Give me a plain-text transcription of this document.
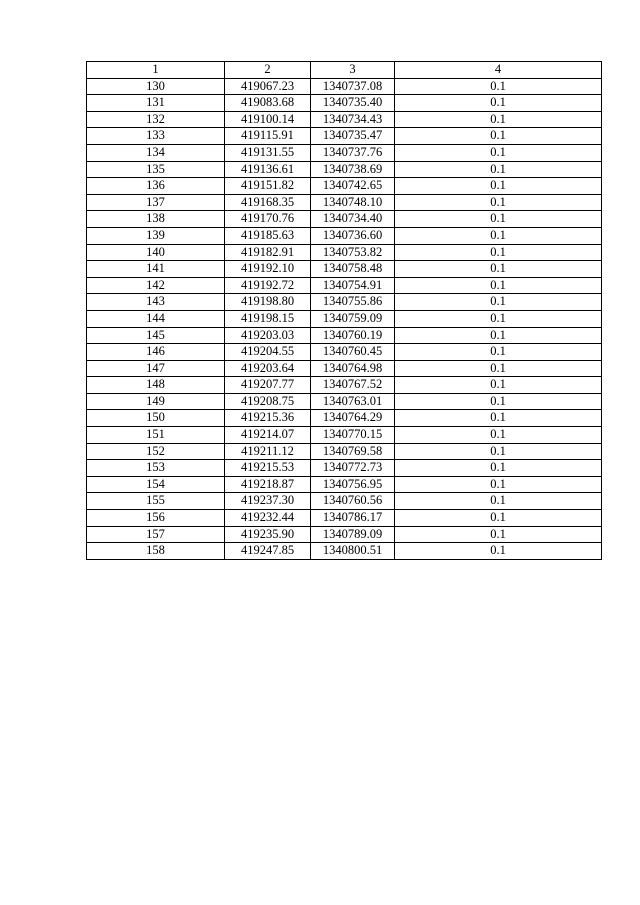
1	2	3	4
130	419067.23	1340737.08	0.1
131	419083.68	1340735.40	0.1
132	419100.14	1340734.43	0.1
133	419115.91	1340735.47	0.1
134	419131.55	1340737.76	0.1
135	419136.61	1340738.69	0.1
136	419151.82	1340742.65	0.1
137	419168.35	1340748.10	0.1
138	419170.76	1340734.40	0.1
139	419185.63	1340736.60	0.1
140	419182.91	1340753.82	0.1
141	419192.10	1340758.48	0.1
142	419192.72	1340754.91	0.1
143	419198.80	1340755.86	0.1
144	419198.15	1340759.09	0.1
145	419203.03	1340760.19	0.1
146	419204.55	1340760.45	0.1
147	419203.64	1340764.98	0.1
148	419207.77	1340767.52	0.1
149	419208.75	1340763.01	0.1
150	419215.36	1340764.29	0.1
151	419214.07	1340770.15	0.1
152	419211.12	1340769.58	0.1
153	419215.53	1340772.73	0.1
154	419218.87	1340756.95	0.1
155	419237.30	1340760.56	0.1
156	419232.44	1340786.17	0.1
157	419235.90	1340789.09	0.1
158	419247.85	1340800.51	0.1
